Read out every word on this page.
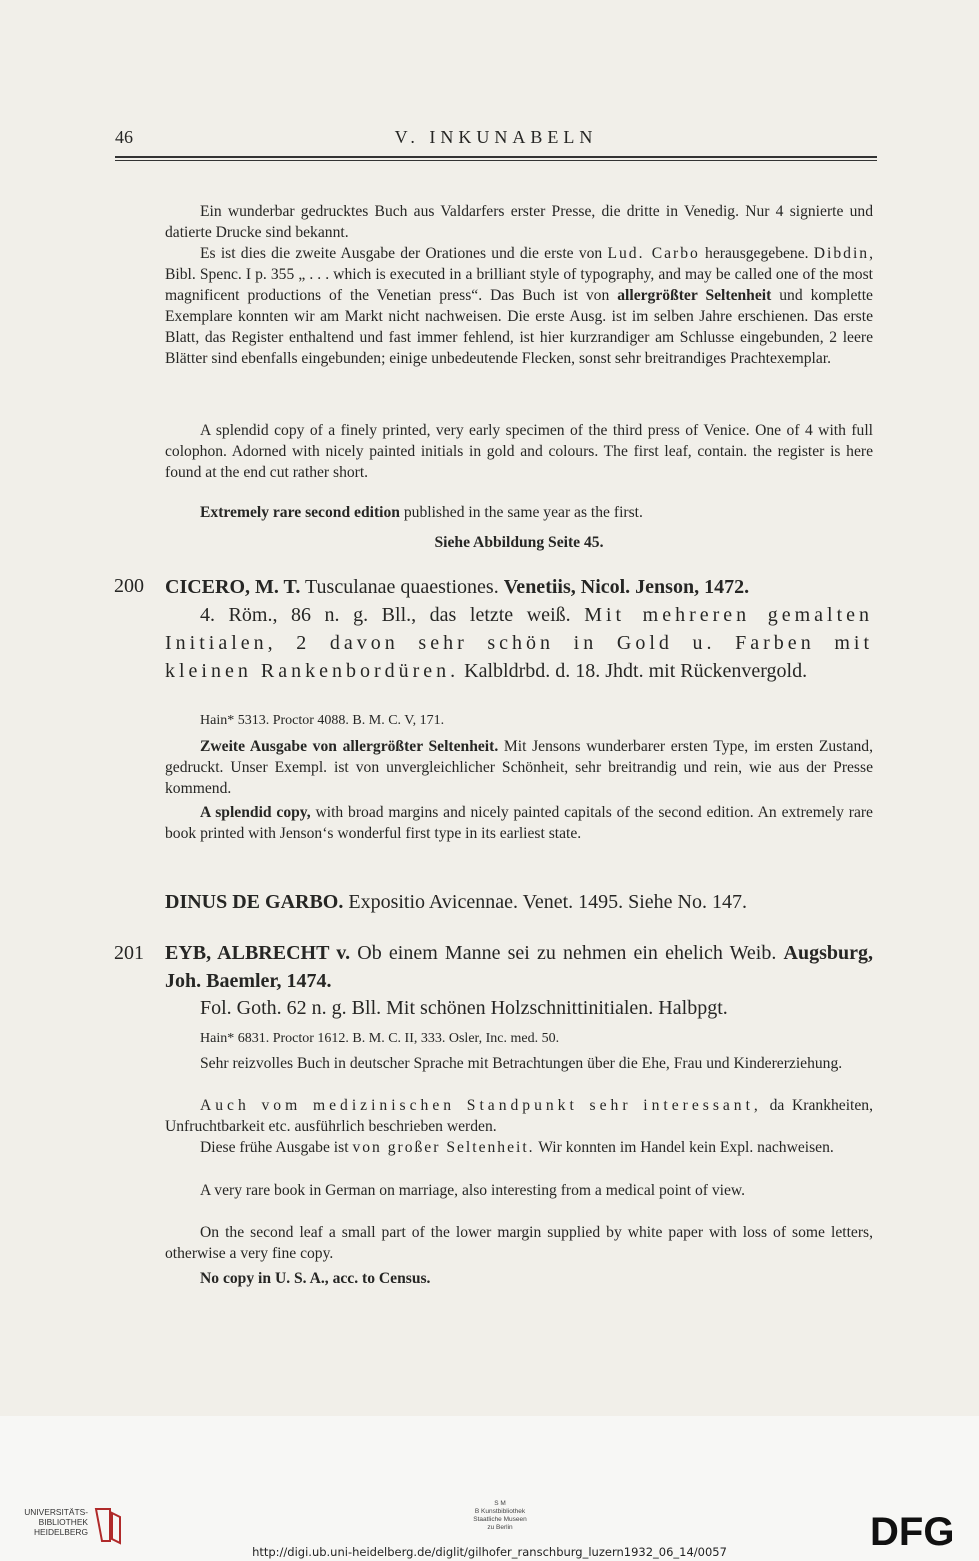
46	V. INKUNABELN

Ein wunderbar gedrucktes Buch aus Valdarfers erster Presse, die dritte in Venedig. Nur 4 signierte und datierte Drucke sind bekannt.

Es ist dies die zweite Ausgabe der Orationes und die erste von Lud. Carbo herausgegebene. Dibdin, Bibl. Spenc. I p. 355 „ . . . which is executed in a brilliant style of typography, and may be called one of the most magnificent productions of the Venetian press“. Das Buch ist von allergrößter Seltenheit und komplette Exemplare konnten wir am Markt nicht nachweisen. Die erste Ausg. ist im selben Jahre erschienen. Das erste Blatt, das Register enthaltend und fast immer fehlend, ist hier kurzrandiger am Schlusse eingebunden, 2 leere Blätter sind ebenfalls eingebunden; einige unbedeutende Flecken, sonst sehr breitrandiges Prachtexemplar.

A splendid copy of a finely printed, very early specimen of the third press of Venice. One of 4 with full colophon. Adorned with nicely painted initials in gold and colours. The first leaf, contain. the register is here found at the end cut rather short.

Extremely rare second edition published in the same year as the first.

Siehe Abbildung Seite 45.

200 CICERO, M. T. Tusculanae quaestiones. Venetiis, Nicol. Jenson, 1472.

4. Röm., 86 n. g. Bll., das letzte weiß. Mit mehreren gemalten Initialen, 2 davon sehr schön in Gold u. Farben mit kleinen Rankenbordüren. Kalbldrbd. d. 18. Jhdt. mit Rückenvergold.

Hain* 5313. Proctor 4088. B. M. C. V, 171.

Zweite Ausgabe von allergrößter Seltenheit. Mit Jensons wunderbarer ersten Type, im ersten Zustand, gedruckt. Unser Exempl. ist von unvergleichlicher Schönheit, sehr breitrandig und rein, wie aus der Presse kommend.

A splendid copy, with broad margins and nicely painted capitals of the second edition. An extremely rare book printed with Jenson‘s wonderful first type in its earliest state.

DINUS DE GARBO. Expositio Avicennae. Venet. 1495. Siehe No. 147.

201 EYB, ALBRECHT v. Ob einem Manne sei zu nehmen ein ehelich Weib. Augsburg, Joh. Baemler, 1474.

Fol. Goth. 62 n. g. Bll. Mit schönen Holzschnittinitialen. Halbpgt.

Hain* 6831. Proctor 1612. B. M. C. II, 333. Osler, Inc. med. 50.

Sehr reizvolles Buch in deutscher Sprache mit Betrachtungen über die Ehe, Frau und Kindererziehung.

Auch vom medizinischen Standpunkt sehr interessant, da Krankheiten, Unfruchtbarkeit etc. ausführlich beschrieben werden.

Diese frühe Ausgabe ist von großer Seltenheit. Wir konnten im Handel kein Expl. nachweisen.

A very rare book in German on marriage, also interesting from a medical point of view.

On the second leaf a small part of the lower margin supplied by white paper with loss of some letters, otherwise a very fine copy.

No copy in U. S. A., acc. to Census.

UNIVERSITÄTS-
BIBLIOTHEK
HEIDELBERG
S M
B Kunstbibliothek
Staatliche Museen
zu Berlin	DFG
http://digi.ub.uni-heidelberg.de/diglit/gilhofer_ranschburg_luzern1932_06_14/0057
